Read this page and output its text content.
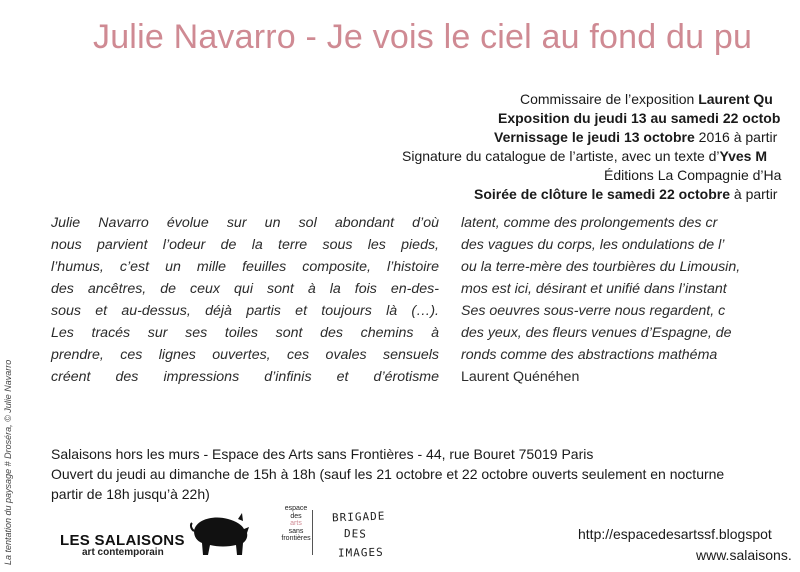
Julie Navarro - Je vois le ciel au fond du pu
Commissaire de l’exposition Laurent Qu
Exposition du jeudi 13 au samedi 22 octob
Vernissage le jeudi 13 octobre 2016 à partir
Signature du catalogue de l’artiste, avec un texte d’Yves M
Éditions La Compagnie d’Ha
Soirée de clôture le samedi 22 octobre à partir
La tentation du paysage # Droséra, © Julie Navarro
Julie Navarro évolue sur un sol abondant d’où
nous parvient l’odeur de la terre sous les pieds,
l’humus, c’est un mille feuilles composite, l’histoire
des ancêtres, de ceux qui sont à la fois en-des-
sous et au-dessus, déjà partis et toujours là (…).
Les tracés sur ses toiles sont des chemins à
prendre, ces lignes ouvertes, ces ovales sensuels
créent des impressions d’infinis et d’érotisme
latent, comme des prolongements des cr
des vagues du corps, les ondulations de l’
ou la terre-mère des tourbières du Limousin,
mos est ici, désirant et unifié dans l’instant
Ses oeuvres sous-verre nous regardent, c
des yeux, des fleurs venues d’Espagne, de
ronds comme des abstractions mathéma
Laurent Quénéhen
Salaisons hors les murs - Espace des Arts sans Frontières - 44, rue Bouret 75019 Paris
Ouvert du jeudi au dimanche de 15h à 18h (sauf les 21 octobre et 22 octobre ouverts seulement en nocturne
partir de 18h jusqu’à 22h)
LES SALAISONS
art contemporain
espace
des
arts
sans
frontières
BRIGADE
DES
IMAGES
http://espacedesartssf.blogspot
www.salaisons.
